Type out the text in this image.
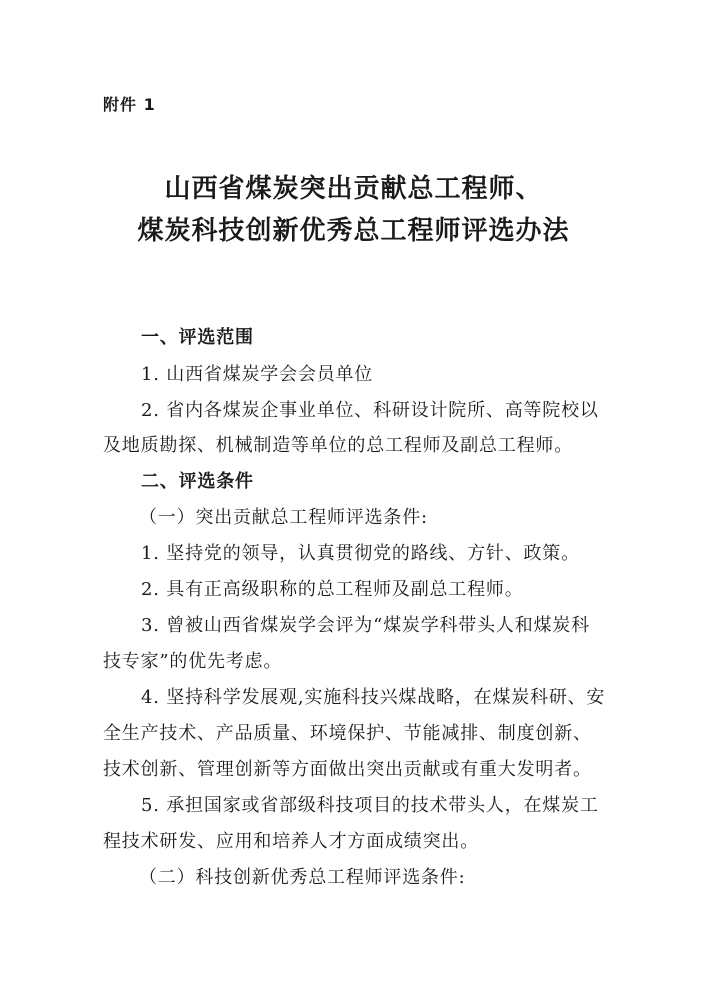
附件 1
山西省煤炭突出贡献总工程师、
煤炭科技创新优秀总工程师评选办法
一、评选范围
1. 山西省煤炭学会会员单位
2. 省内各煤炭企事业单位、科研设计院所、高等院校以
及地质勘探、机械制造等单位的总工程师及副总工程师。
二、评选条件
（一）突出贡献总工程师评选条件:
1. 坚持党的领导，认真贯彻党的路线、方针、政策。
2. 具有正高级职称的总工程师及副总工程师。
3. 曾被山西省煤炭学会评为“煤炭学科带头人和煤炭科
技专家”的优先考虑。
4. 坚持科学发展观,实施科技兴煤战略，在煤炭科研、安
全生产技术、产品质量、环境保护、节能减排、制度创新、
技术创新、管理创新等方面做出突出贡献或有重大发明者。
5. 承担国家或省部级科技项目的技术带头人，在煤炭工
程技术研发、应用和培养人才方面成绩突出。
（二）科技创新优秀总工程师评选条件:
